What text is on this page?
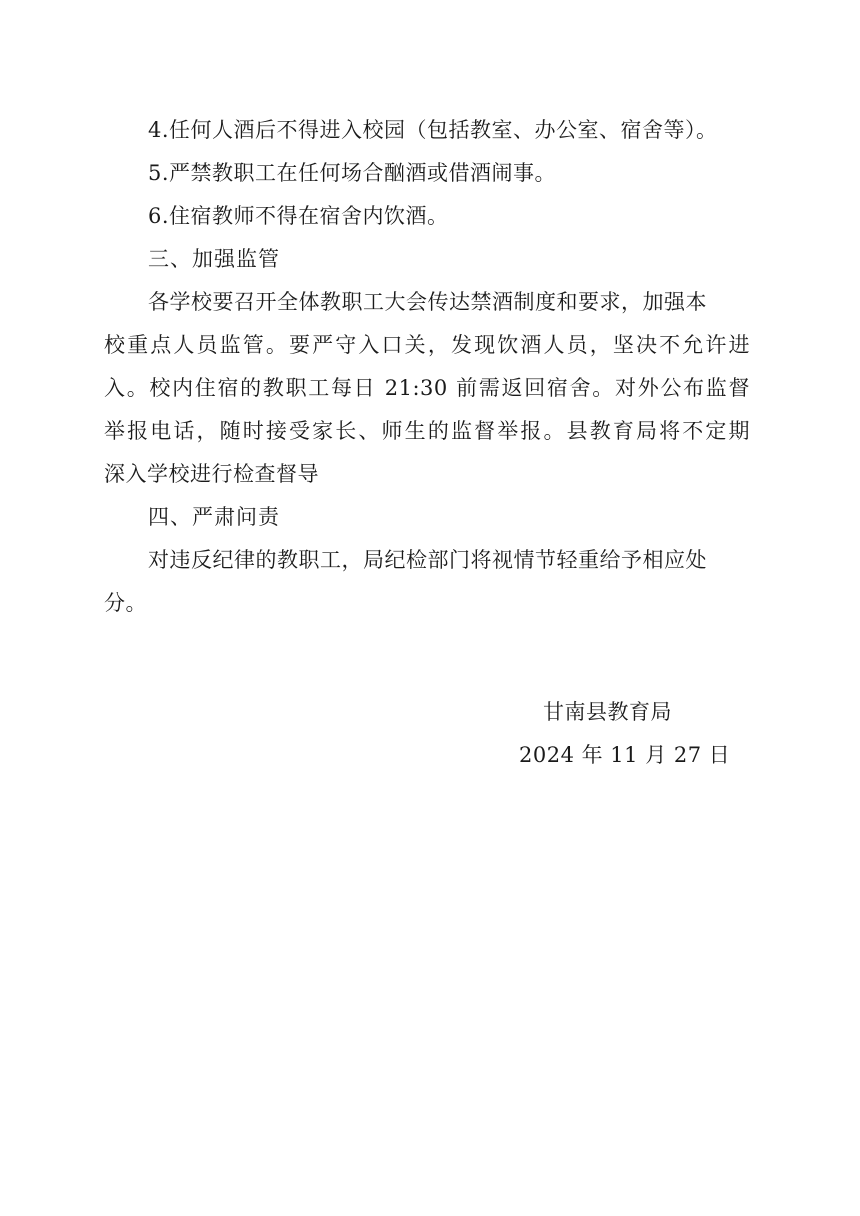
4.任何人酒后不得进入校园（包括教室、办公室、宿舍等）。
5.严禁教职工在任何场合酗酒或借酒闹事。
6.住宿教师不得在宿舍内饮酒。
三、加强监管
各学校要召开全体教职工大会传达禁酒制度和要求，加强本
校重点人员监管。要严守入口关，发现饮酒人员，坚决不允许进
入。校内住宿的教职工每日 21:30 前需返回宿舍。对外公布监督
举报电话，随时接受家长、师生的监督举报。县教育局将不定期
深入学校进行检查督导
四、严肃问责
对违反纪律的教职工，局纪检部门将视情节轻重给予相应处
分。
甘南县教育局
2024 年 11 月 27 日
